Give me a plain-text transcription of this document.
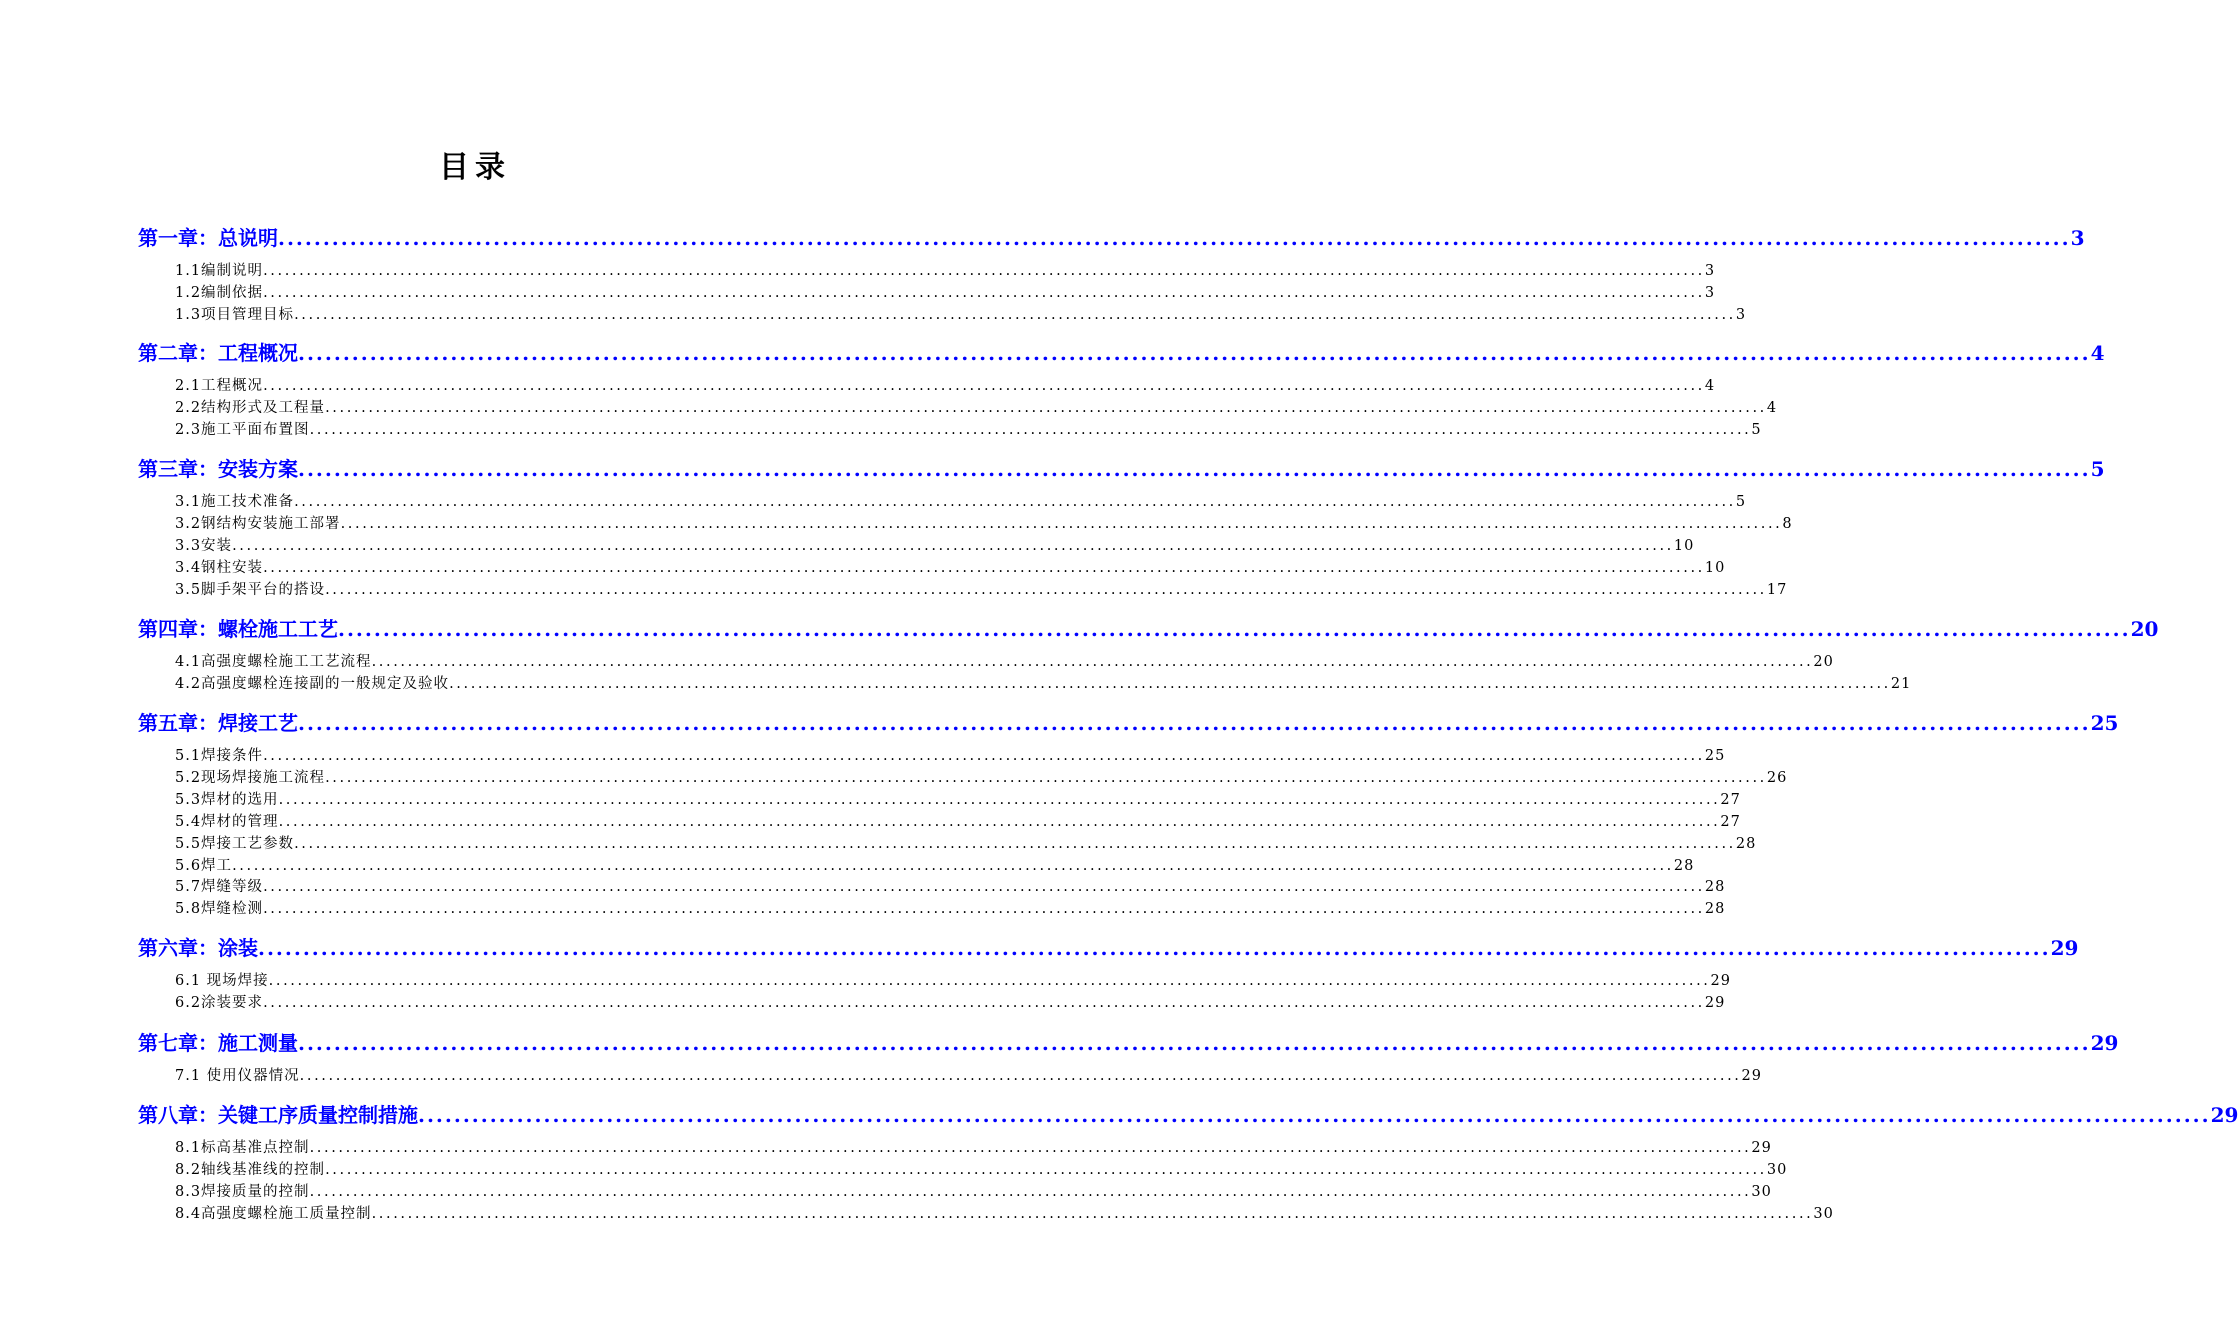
目录
第一章：总说明 ........................................................................................................................................................................................................ 3
1.1编制说明 ........................................................................................................................................................................................................ 3
1.2编制依据 ........................................................................................................................................................................................................ 3
1.3项目管理目标 ........................................................................................................................................................................................................ 3
第二章：工程概况 ........................................................................................................................................................................................................ 4
2.1工程概况 ........................................................................................................................................................................................................ 4
2.2结构形式及工程量 ........................................................................................................................................................................................................ 4
2.3施工平面布置图 ........................................................................................................................................................................................................ 5
第三章：安装方案 ........................................................................................................................................................................................................ 5
3.1施工技术准备 ........................................................................................................................................................................................................ 5
3.2钢结构安装施工部署 ........................................................................................................................................................................................................ 8
3.3安装 ........................................................................................................................................................................................................ 10
3.4钢柱安装 ........................................................................................................................................................................................................ 10
3.5脚手架平台的搭设 ........................................................................................................................................................................................................ 17
第四章：螺栓施工工艺 ........................................................................................................................................................................................................ 20
4.1高强度螺栓施工工艺流程 ........................................................................................................................................................................................................ 20
4.2高强度螺栓连接副的一般规定及验收 ........................................................................................................................................................................................................ 21
第五章：焊接工艺 ........................................................................................................................................................................................................ 25
5.1焊接条件 ........................................................................................................................................................................................................ 25
5.2现场焊接施工流程 ........................................................................................................................................................................................................ 26
5.3焊材的选用 ........................................................................................................................................................................................................ 27
5.4焊材的管理 ........................................................................................................................................................................................................ 27
5.5焊接工艺参数 ........................................................................................................................................................................................................ 28
5.6焊工 ........................................................................................................................................................................................................ 28
5.7焊缝等级 ........................................................................................................................................................................................................ 28
5.8焊缝检测 ........................................................................................................................................................................................................ 28
第六章：涂装 ........................................................................................................................................................................................................ 29
6.1 现场焊接 ........................................................................................................................................................................................................ 29
6.2涂装要求 ........................................................................................................................................................................................................ 29
第七章：施工测量 ........................................................................................................................................................................................................ 29
7.1 使用仪器情况 ........................................................................................................................................................................................................ 29
第八章：关键工序质量控制措施 ........................................................................................................................................................................................................ 29
8.1标高基准点控制 ........................................................................................................................................................................................................ 29
8.2轴线基准线的控制 ........................................................................................................................................................................................................ 30
8.3焊接质量的控制 ........................................................................................................................................................................................................ 30
8.4高强度螺栓施工质量控制 ........................................................................................................................................................................................................ 30
